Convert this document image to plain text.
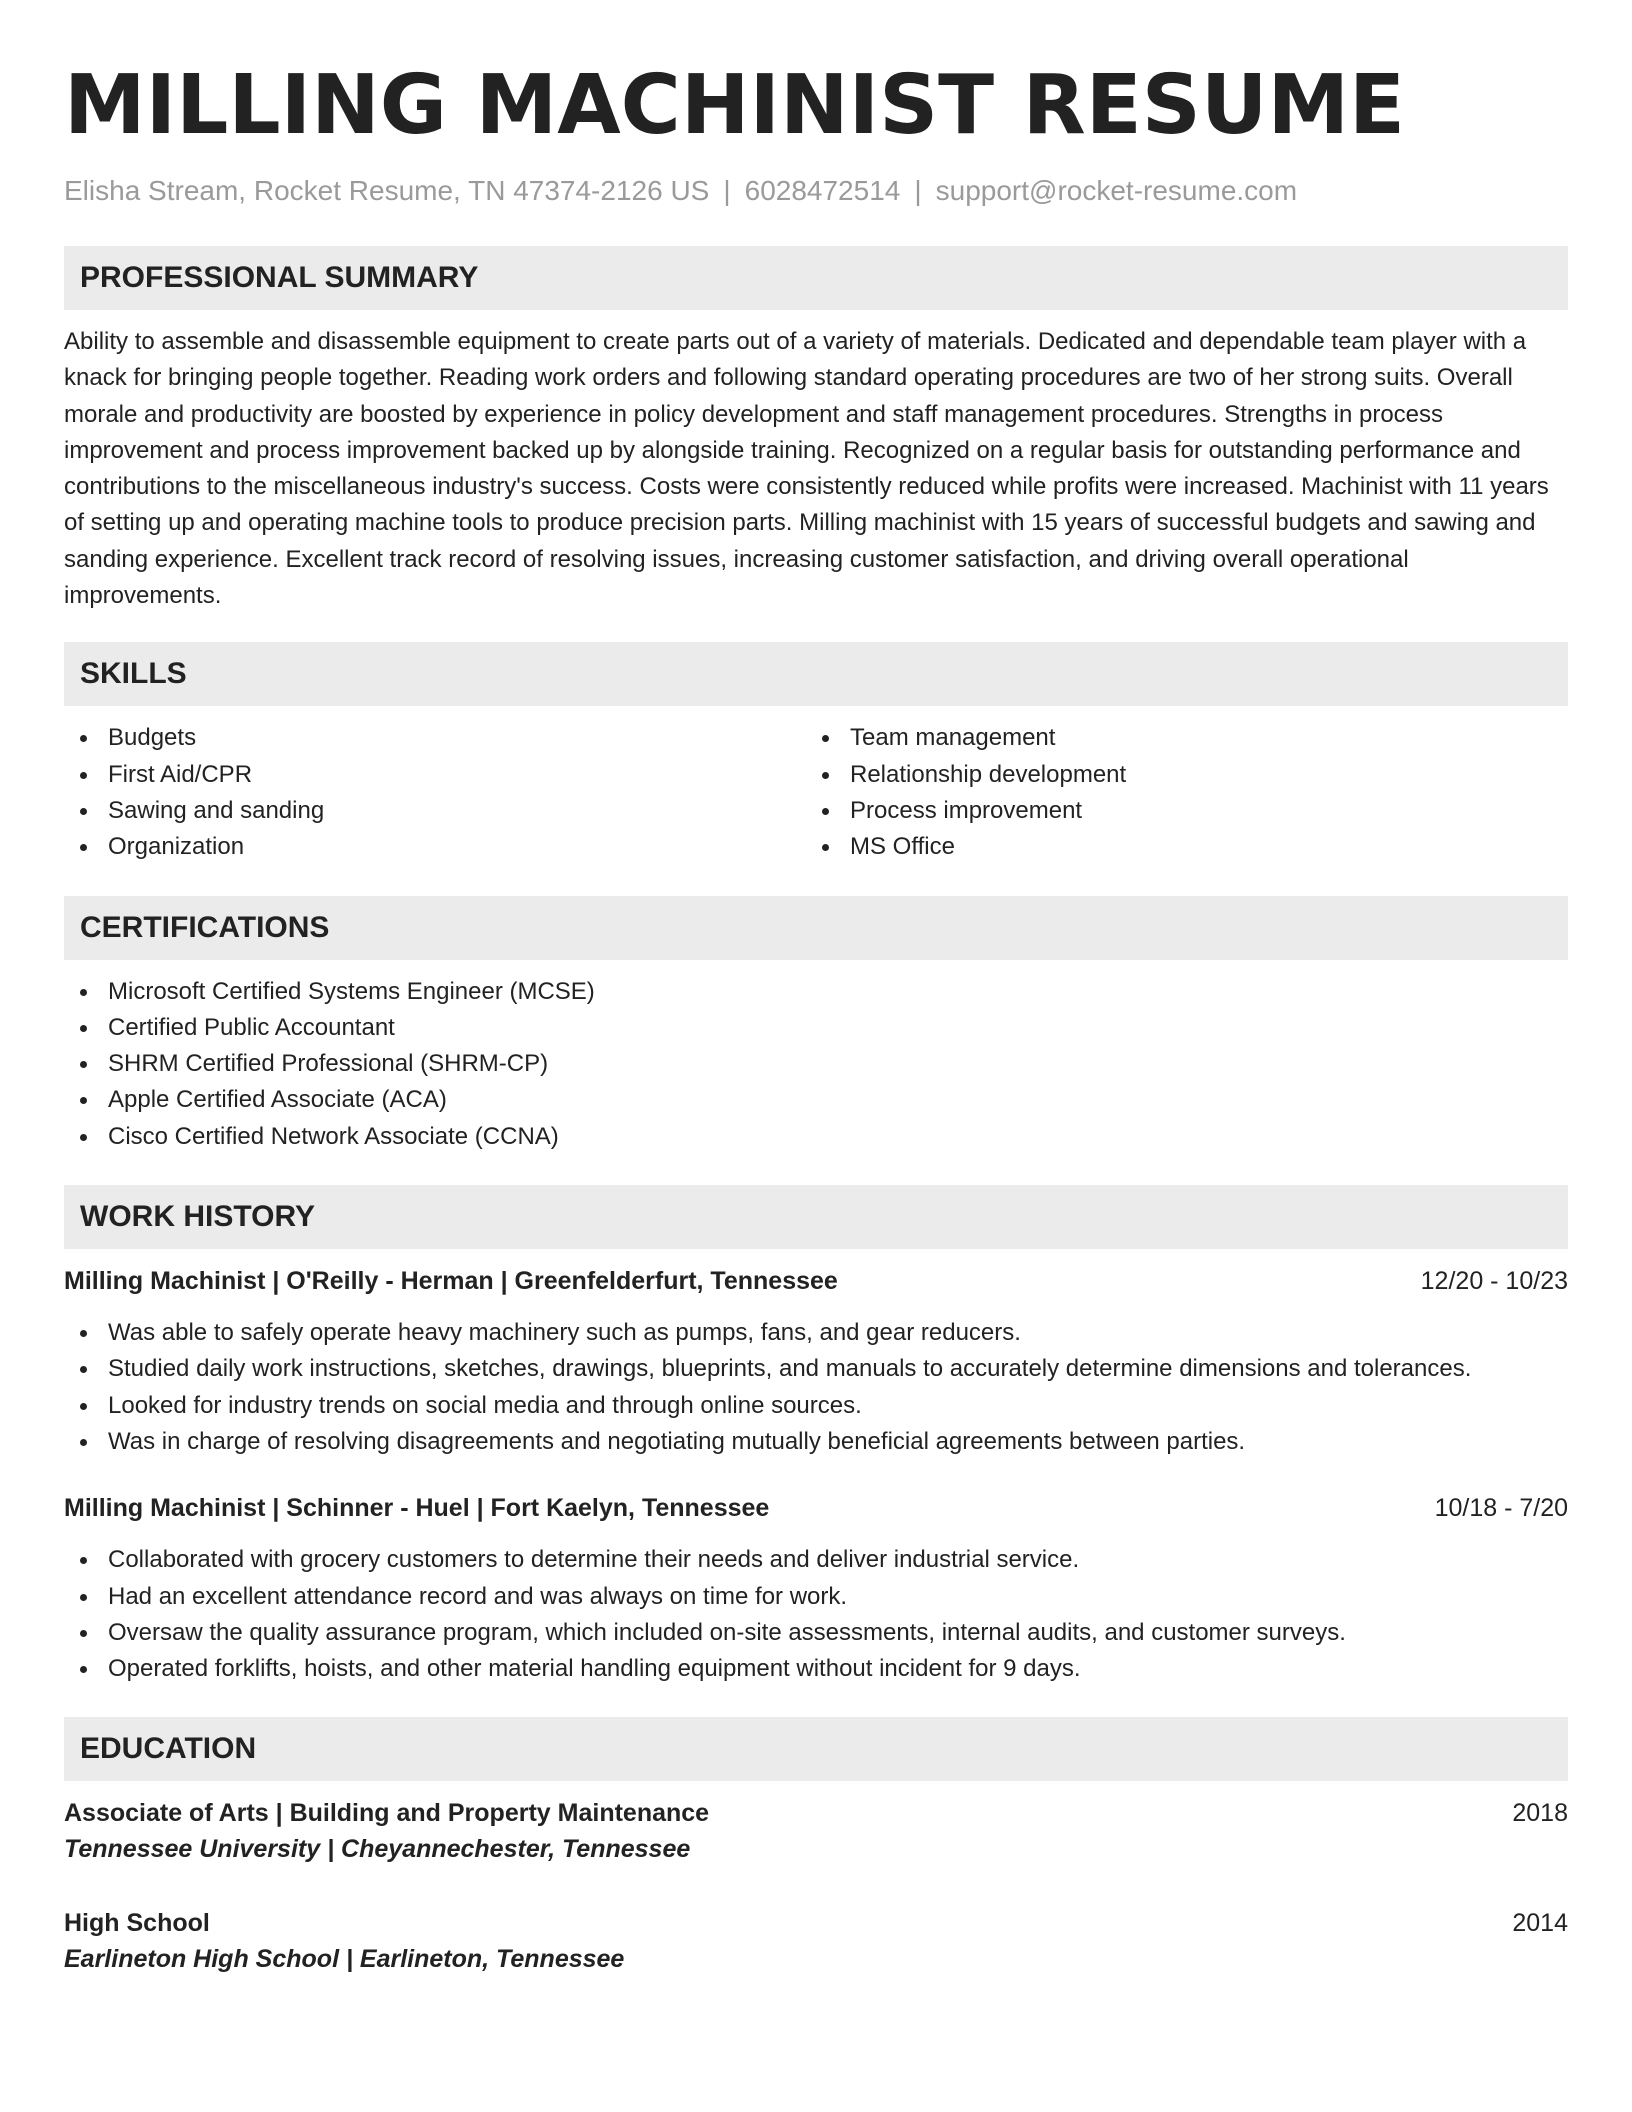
MILLING MACHINIST RESUME
Elisha Stream, Rocket Resume, TN 47374-2126 US | 6028472514 | support@rocket-resume.com
PROFESSIONAL SUMMARY

Ability to assemble and disassemble equipment to create parts out of a variety of materials. Dedicated and dependable team player with a knack for bringing people together. Reading work orders and following standard operating procedures are two of her strong suits. Overall morale and productivity are boosted by experience in policy development and staff management procedures. Strengths in process improvement and process improvement backed up by alongside training. Recognized on a regular basis for outstanding performance and contributions to the miscellaneous industry's success. Costs were consistently reduced while profits were increased. Machinist with 11 years of setting up and operating machine tools to produce precision parts. Milling machinist with 15 years of successful budgets and sawing and sanding experience. Excellent track record of resolving issues, increasing customer satisfaction, and driving overall operational improvements.

SKILLS
Budgets
First Aid/CPR
Sawing and sanding
Organization
Team management
Relationship development
Process improvement
MS Office
CERTIFICATIONS
Microsoft Certified Systems Engineer (MCSE)
Certified Public Accountant
SHRM Certified Professional (SHRM-CP)
Apple Certified Associate (ACA)
Cisco Certified Network Associate (CCNA)
WORK HISTORY
Milling Machinist | O'Reilly - Herman | Greenfelderfurt, Tennessee	12/20 - 10/23
Was able to safely operate heavy machinery such as pumps, fans, and gear reducers.
Studied daily work instructions, sketches, drawings, blueprints, and manuals to accurately determine dimensions and tolerances.
Looked for industry trends on social media and through online sources.
Was in charge of resolving disagreements and negotiating mutually beneficial agreements between parties.
Milling Machinist | Schinner - Huel | Fort Kaelyn, Tennessee	10/18 - 7/20
Collaborated with grocery customers to determine their needs and deliver industrial service.
Had an excellent attendance record and was always on time for work.
Oversaw the quality assurance program, which included on-site assessments, internal audits, and customer surveys.
Operated forklifts, hoists, and other material handling equipment without incident for 9 days.
EDUCATION
Associate of Arts | Building and Property Maintenance	2018
Tennessee University | Cheyannechester, Tennessee
High School	2014
Earlineton High School | Earlineton, Tennessee
